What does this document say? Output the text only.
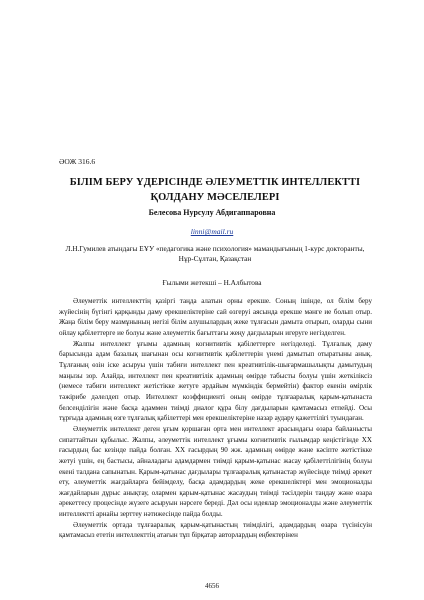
ӘОЖ 316.6
БІЛІМ БЕРУ ҮДЕРІСІНДЕ ӘЛЕУМЕТТІК ИНТЕЛЛЕКТТІ ҚОЛДАНУ МӘСЕЛЕЛЕРІ
Белесова Нурсулу Абдигаппаровна
linni@mail.ru
Л.Н.Гумилев атындағы ЕҰУ «педагогика және психология» мамандығының 1-курс докторанты, Нұр-Сұлтан, Қазақстан
Ғылыми жетекші – Н.Албытова

Әлеуметтік интеллекттің қазіргі таңда алатын орны ерекше. Соның ішінде, ол білім беру жүйесінің бүгінгі қарқынды даму ерекшеліктеріне сай өзгеруі аясында ерекше мәнге ие болып отыр. Жаңа білім беру мазмұнының негізі білім алушылардың жеке тұлғасын дамыта отырып, оларды сыни ойлау қабілеттерге ие болуы және әлеуметтік бағыттағы жеңу дағдыларын игеруге негізделген.

Жалпы интеллект ұғымы адамның когнитивтік қабілеттерге негізделеді. Тұлғалық даму барысында адам базалық шағынан осы когнитивтік қабілеттерін үнемі дамытып отыратыны анық. Тұлғаның өзін іске асыруы үшін табиғи интеллект пен креативтілік-шығармашылықты дамытудың маңызы зор. Алайда, интеллект пен креативтілік адамның өмірде табысты болуы үшін жеткіліксіз (немесе табиғи интеллект жетістікке жетуге әрдайым мүмкіндік бермейтін) фактор екенін өмірлік тәжірибе дәлелдеп отыр. Интеллект коэффициенті оның өмірде тұлғааралық қарым-қатынаста белсенділігін және басқа адаммен тиімді диалог құра білу дағдыларын қамтамасыз етпейді. Осы тұрғыда адамның өзге тұлғалық қабілеттері мен ерекшеліктеріне назар аудару қажеттілігі туындаған.

Әлеуметтік интеллект деген ұғым қоршаған орта мен интеллект арасындағы өзара байланысты сипаттайтын құбылыс. Жалпы, әлеуметтік интеллект ұғымы когнитивтік ғылымдар кеңістігінде ХХ ғасырдың бас кезінде пайда болған. ХХ ғасырдың 90 жж. адамның өмірде және кәсіпте жетістікке жетуі үшін, ең бастысы, айналадағы адамдармен тиімді қарым-қатынас жасау қабілеттілігінің болуы екені талдана сапынатын. Қарым-қатынас дағдылары тұлғааралық қатынастар жүйесінде тиімді әрекет ету, әлеуметтік жағдайларға бейімделу, басқа адамдардың жеке ерекшеліктері мен эмоционалды жағдайларын дұрыс анықтау, олармен қарым-қатынас жасаудың тиімді тәсілдерін таңдау және өзара әрекеттесу процесінде жүзеге асыруын нәрсеге береді. Дәл осы идеялар эмоционалды және әлеуметтік интеллектті арнайы зерттеу нәтижесінде пайда болды.

Әлеуметтік ортада тұлғааралық қарым-қатынастың тиімділігі, адамдардың өзара түсінісуін қамтамасыз ететін интеллекттің атағын тұп бірқатар авторлардың еңбектерінен

4656
